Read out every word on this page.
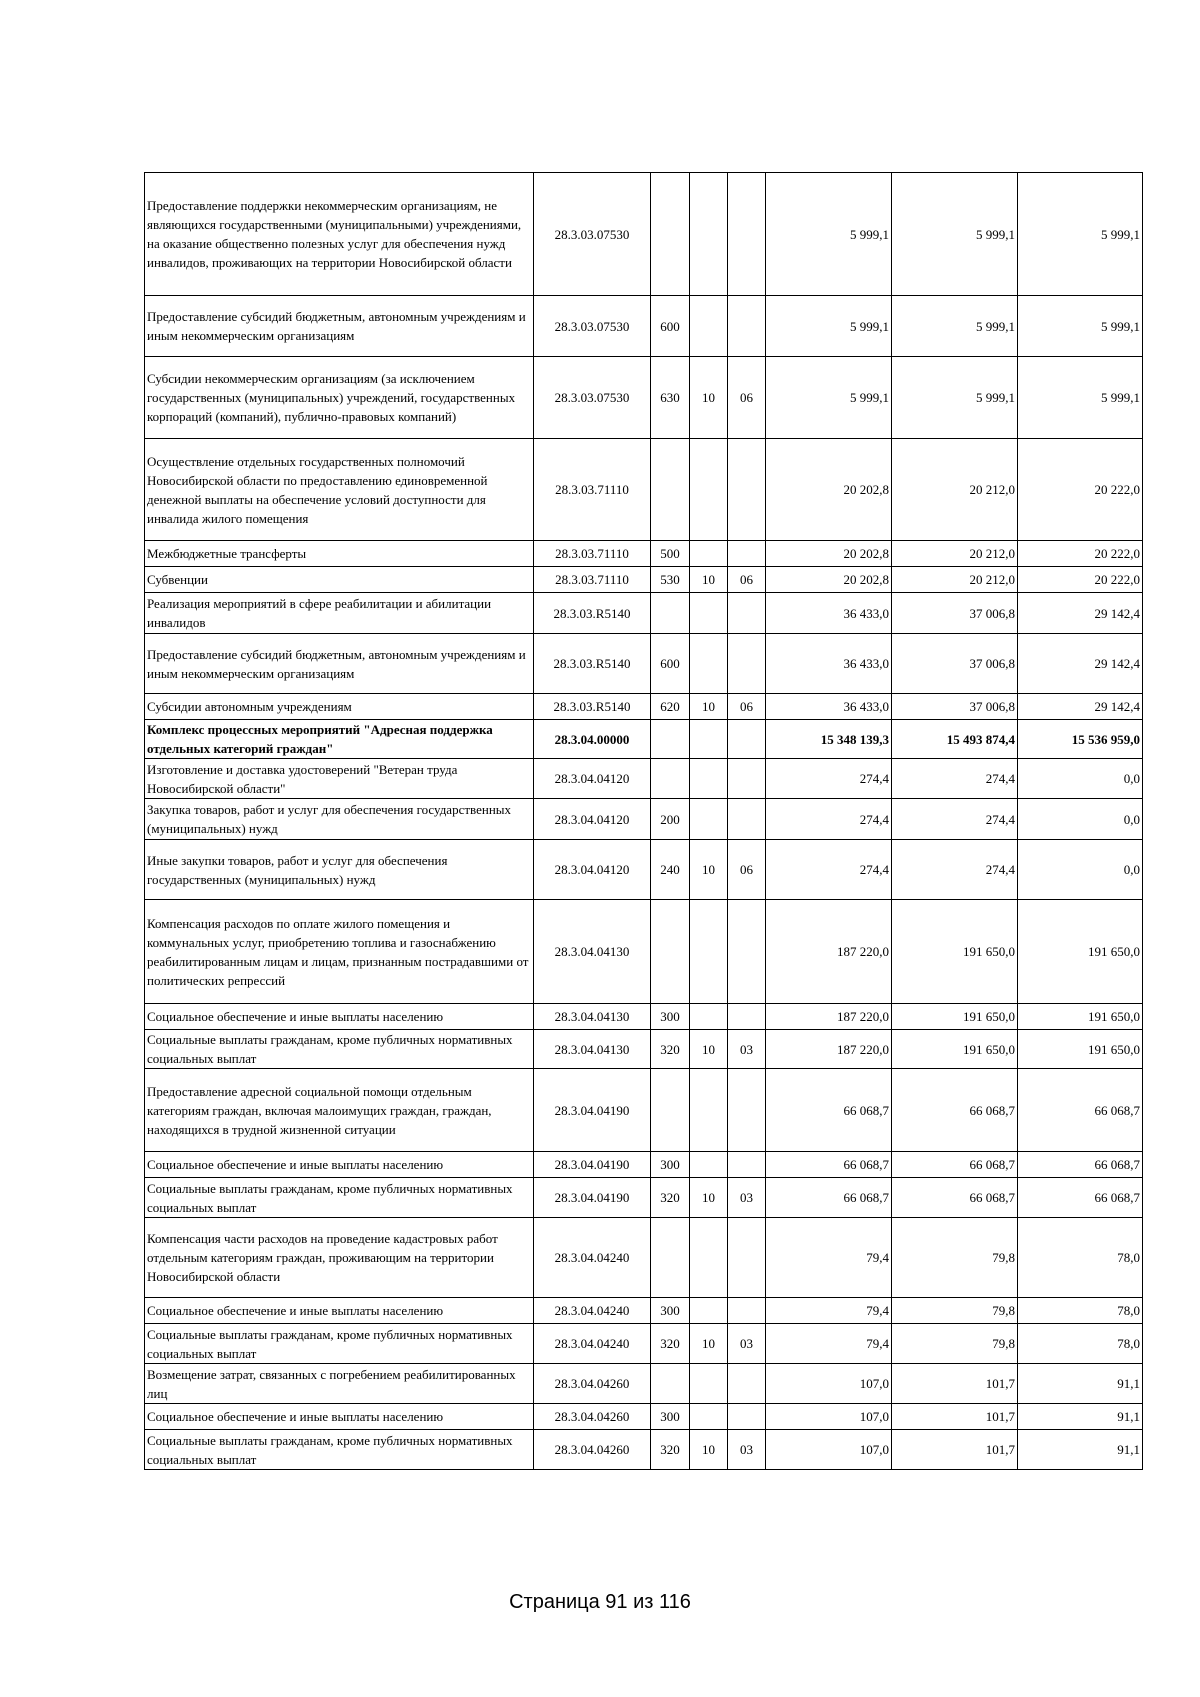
Предоставление поддержки некоммерческим организациям, не являющихся государственными (муниципальными) учреждениями, на оказание общественно полезных услуг для обеспечения нужд инвалидов, проживающих на территории Новосибирской области	28.3.03.07530				5 999,1	5 999,1	5 999,1
Предоставление субсидий бюджетным, автономным учреждениям и иным некоммерческим организациям	28.3.03.07530	600			5 999,1	5 999,1	5 999,1
Субсидии некоммерческим организациям (за исключением государственных (муниципальных) учреждений, государственных корпораций (компаний), публично-правовых компаний)	28.3.03.07530	630	10	06	5 999,1	5 999,1	5 999,1
Осуществление отдельных государственных полномочий Новосибирской области по предоставлению единовременной денежной выплаты на обеспечение условий доступности для инвалида жилого помещения	28.3.03.71110				20 202,8	20 212,0	20 222,0
Межбюджетные трансферты	28.3.03.71110	500			20 202,8	20 212,0	20 222,0
Субвенции	28.3.03.71110	530	10	06	20 202,8	20 212,0	20 222,0
Реализация мероприятий в сфере реабилитации и абилитации инвалидов	28.3.03.R5140				36 433,0	37 006,8	29 142,4
Предоставление субсидий бюджетным, автономным учреждениям и иным некоммерческим организациям	28.3.03.R5140	600			36 433,0	37 006,8	29 142,4
Субсидии автономным учреждениям	28.3.03.R5140	620	10	06	36 433,0	37 006,8	29 142,4
Комплекс процессных мероприятий "Адресная поддержка отдельных категорий граждан"	28.3.04.00000				15 348 139,3	15 493 874,4	15 536 959,0
Изготовление и доставка удостоверений "Ветеран труда Новосибирской области"	28.3.04.04120				274,4	274,4	0,0
Закупка товаров, работ и услуг для обеспечения государственных (муниципальных) нужд	28.3.04.04120	200			274,4	274,4	0,0
Иные закупки товаров, работ и услуг для обеспечения государственных (муниципальных) нужд	28.3.04.04120	240	10	06	274,4	274,4	0,0
Компенсация расходов по оплате жилого помещения и коммунальных услуг, приобретению топлива и газоснабжению реабилитированным лицам и лицам, признанным пострадавшими от политических репрессий	28.3.04.04130				187 220,0	191 650,0	191 650,0
Социальное обеспечение и иные выплаты населению	28.3.04.04130	300			187 220,0	191 650,0	191 650,0
Социальные выплаты гражданам, кроме публичных нормативных социальных выплат	28.3.04.04130	320	10	03	187 220,0	191 650,0	191 650,0
Предоставление адресной социальной помощи отдельным категориям граждан, включая малоимущих граждан, граждан, находящихся в трудной жизненной ситуации	28.3.04.04190				66 068,7	66 068,7	66 068,7
Социальное обеспечение и иные выплаты населению	28.3.04.04190	300			66 068,7	66 068,7	66 068,7
Социальные выплаты гражданам, кроме публичных нормативных социальных выплат	28.3.04.04190	320	10	03	66 068,7	66 068,7	66 068,7
Компенсация части расходов на проведение кадастровых работ отдельным категориям граждан, проживающим на территории Новосибирской области	28.3.04.04240				79,4	79,8	78,0
Социальное обеспечение и иные выплаты населению	28.3.04.04240	300			79,4	79,8	78,0
Социальные выплаты гражданам, кроме публичных нормативных социальных выплат	28.3.04.04240	320	10	03	79,4	79,8	78,0
Возмещение затрат, связанных с погребением реабилитированных лиц	28.3.04.04260				107,0	101,7	91,1
Социальное обеспечение и иные выплаты населению	28.3.04.04260	300			107,0	101,7	91,1
Социальные выплаты гражданам, кроме публичных нормативных социальных выплат	28.3.04.04260	320	10	03	107,0	101,7	91,1
Страница 91 из 116
